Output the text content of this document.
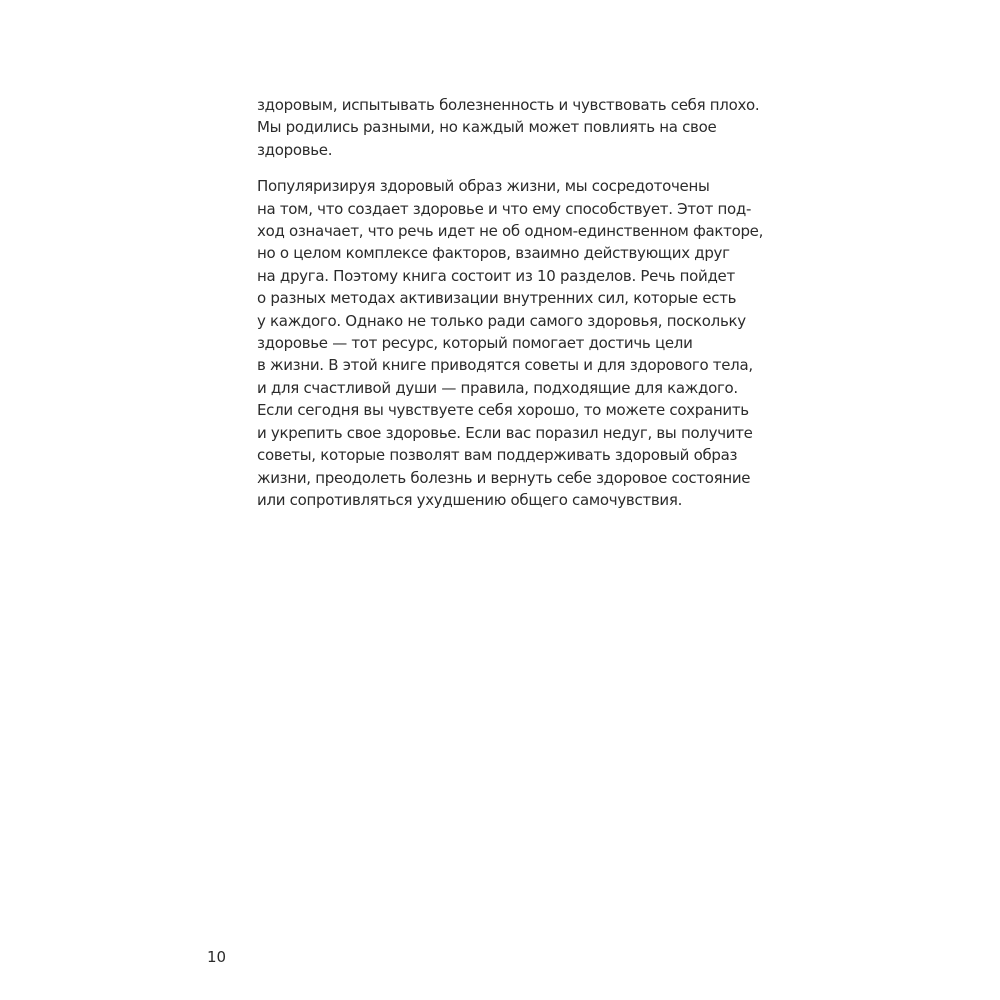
здоровым, испытывать болезненность и чувствовать себя плохо.
Мы родились разными, но каждый может повлиять на свое
здоровье.
Популяризируя здоровый образ жизни, мы сосредоточены
на том, что создает здоровье и что ему способствует. Этот под-
ход означает, что речь идет не об одном-единственном факторе,
но о целом комплексе факторов, взаимно действующих друг
на друга. Поэтому книга состоит из 10 разделов. Речь пойдет
о разных методах активизации внутренних сил, которые есть
у каждого. Однако не только ради самого здоровья, поскольку
здоровье — тот ресурс, который помогает достичь цели
в жизни. В этой книге приводятся советы и для здорового тела,
и для счастливой души — правила, подходящие для каждого.
Если сегодня вы чувствуете себя хорошо, то можете сохранить
и укрепить свое здоровье. Если вас поразил недуг, вы получите
советы, которые позволят вам поддерживать здоровый образ
жизни, преодолеть болезнь и вернуть себе здоровое состояние
или сопротивляться ухудшению общего самочувствия.
10
